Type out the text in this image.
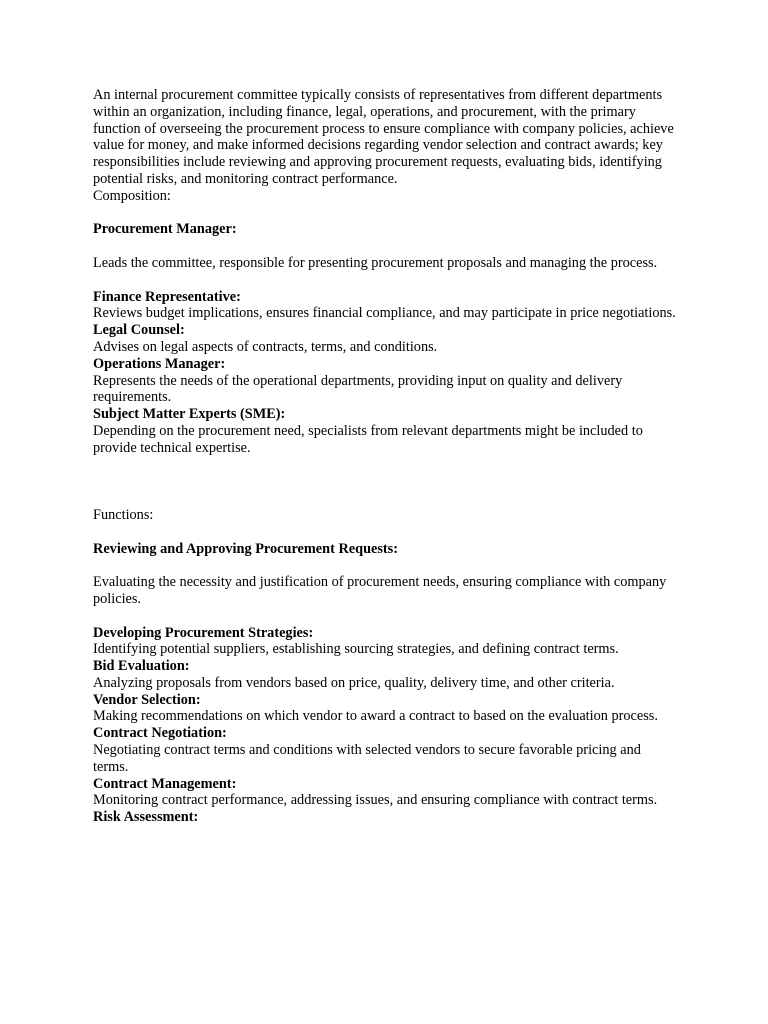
An internal procurement committee typically consists of representatives from different departments within an organization, including finance, legal, operations, and procurement, with the primary function of overseeing the procurement process to ensure compliance with company policies, achieve value for money, and make informed decisions regarding vendor selection and contract awards; key responsibilities include reviewing and approving procurement requests, evaluating bids, identifying potential risks, and monitoring contract performance.

Composition:

Procurement Manager:

Leads the committee, responsible for presenting procurement proposals and managing the process.

Finance Representative:

Reviews budget implications, ensures financial compliance, and may participate in price negotiations.

Legal Counsel:

Advises on legal aspects of contracts, terms, and conditions.

Operations Manager:

Represents the needs of the operational departments, providing input on quality and delivery requirements.

Subject Matter Experts (SME):

Depending on the procurement need, specialists from relevant departments might be included to provide technical expertise.

Functions:

Reviewing and Approving Procurement Requests:

Evaluating the necessity and justification of procurement needs, ensuring compliance with company policies.

Developing Procurement Strategies:

Identifying potential suppliers, establishing sourcing strategies, and defining contract terms.

Bid Evaluation:

Analyzing proposals from vendors based on price, quality, delivery time, and other criteria.

Vendor Selection:

Making recommendations on which vendor to award a contract to based on the evaluation process.

Contract Negotiation:

Negotiating contract terms and conditions with selected vendors to secure favorable pricing and terms.

Contract Management:

Monitoring contract performance, addressing issues, and ensuring compliance with contract terms.

Risk Assessment:
